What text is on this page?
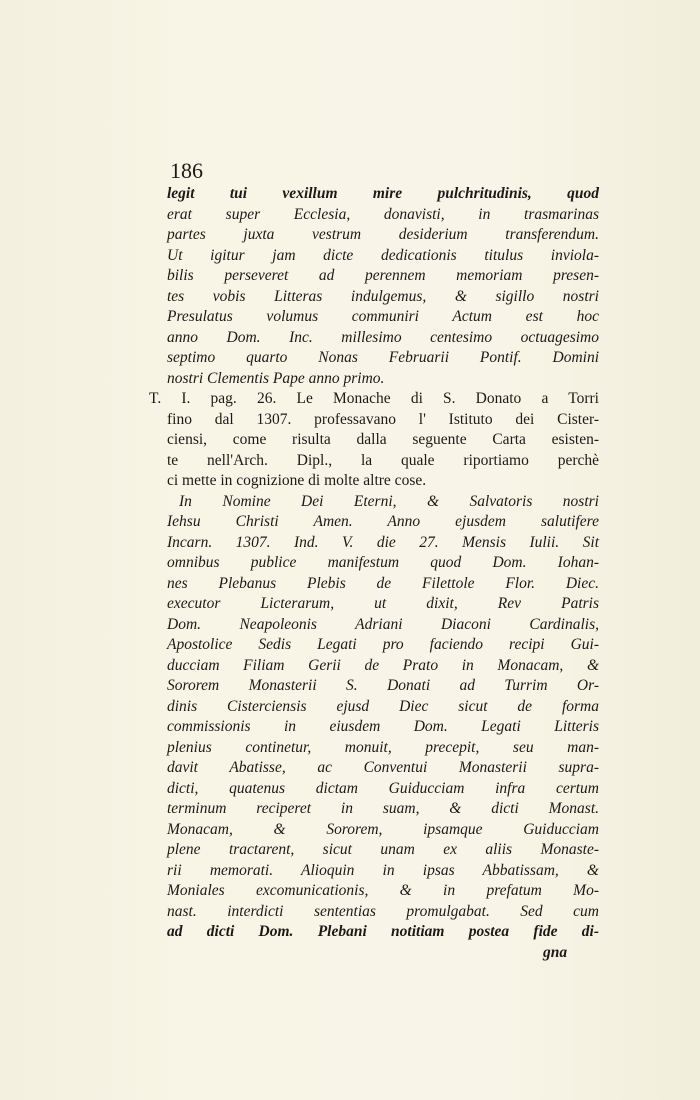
186
legit tui vexillum mire pulchritudinis, quod
erat super Ecclesia, donavisti, in trasmarinas
partes juxta vestrum desiderium transferendum.
Ut igitur jam dicte dedicationis titulus inviola-
bilis perseveret ad perennem memoriam presen-
tes vobis Litteras indulgemus, & sigillo nostri
Presulatus volumus communiri Actum est hoc
anno Dom. Inc. millesimo centesimo octuagesimo
septimo quarto Nonas Februarii Pontif. Domini
nostri Clementis Pape anno primo.
T. I. pag. 26. Le Monache di S. Donato a Torri
fino dal 1307. professavano l' Istituto dei Cister-
ciensi, come risulta dalla seguente Carta esisten-
te nell'Arch. Dipl., la quale riportiamo perchè
ci mette in cognizione di molte altre cose.
In Nomine Dei Eterni, & Salvatoris nostri
Iehsu Christi Amen. Anno ejusdem salutifere
Incarn. 1307. Ind. V. die 27. Mensis Iulii. Sit
omnibus publice manifestum quod Dom. Iohan-
nes Plebanus Plebis de Filettole Flor. Diec.
executor Licterarum, ut dixit, Rev Patris
Dom. Neapoleonis Adriani Diaconi Cardinalis,
Apostolice Sedis Legati pro faciendo recipi Gui-
ducciam Filiam Gerii de Prato in Monacam, &
Sororem Monasterii S. Donati ad Turrim Or-
dinis Cisterciensis ejusd Diec sicut de forma
commissionis in eiusdem Dom. Legati Litteris
plenius continetur, monuit, precepit, seu man-
davit Abatisse, ac Conventui Monasterii supra-
dicti, quatenus dictam Guiducciam infra certum
terminum reciperet in suam, & dicti Monast.
Monacam, & Sororem, ipsamque Guiducciam
plene tractarent, sicut unam ex aliis Monaste-
rii memorati. Alioquin in ipsas Abbatissam, &
Moniales excomunicationis, & in prefatum Mo-
nast. interdicti sententias promulgabat. Sed cum
ad dicti Dom. Plebani notitiam postea fide di-
gna
